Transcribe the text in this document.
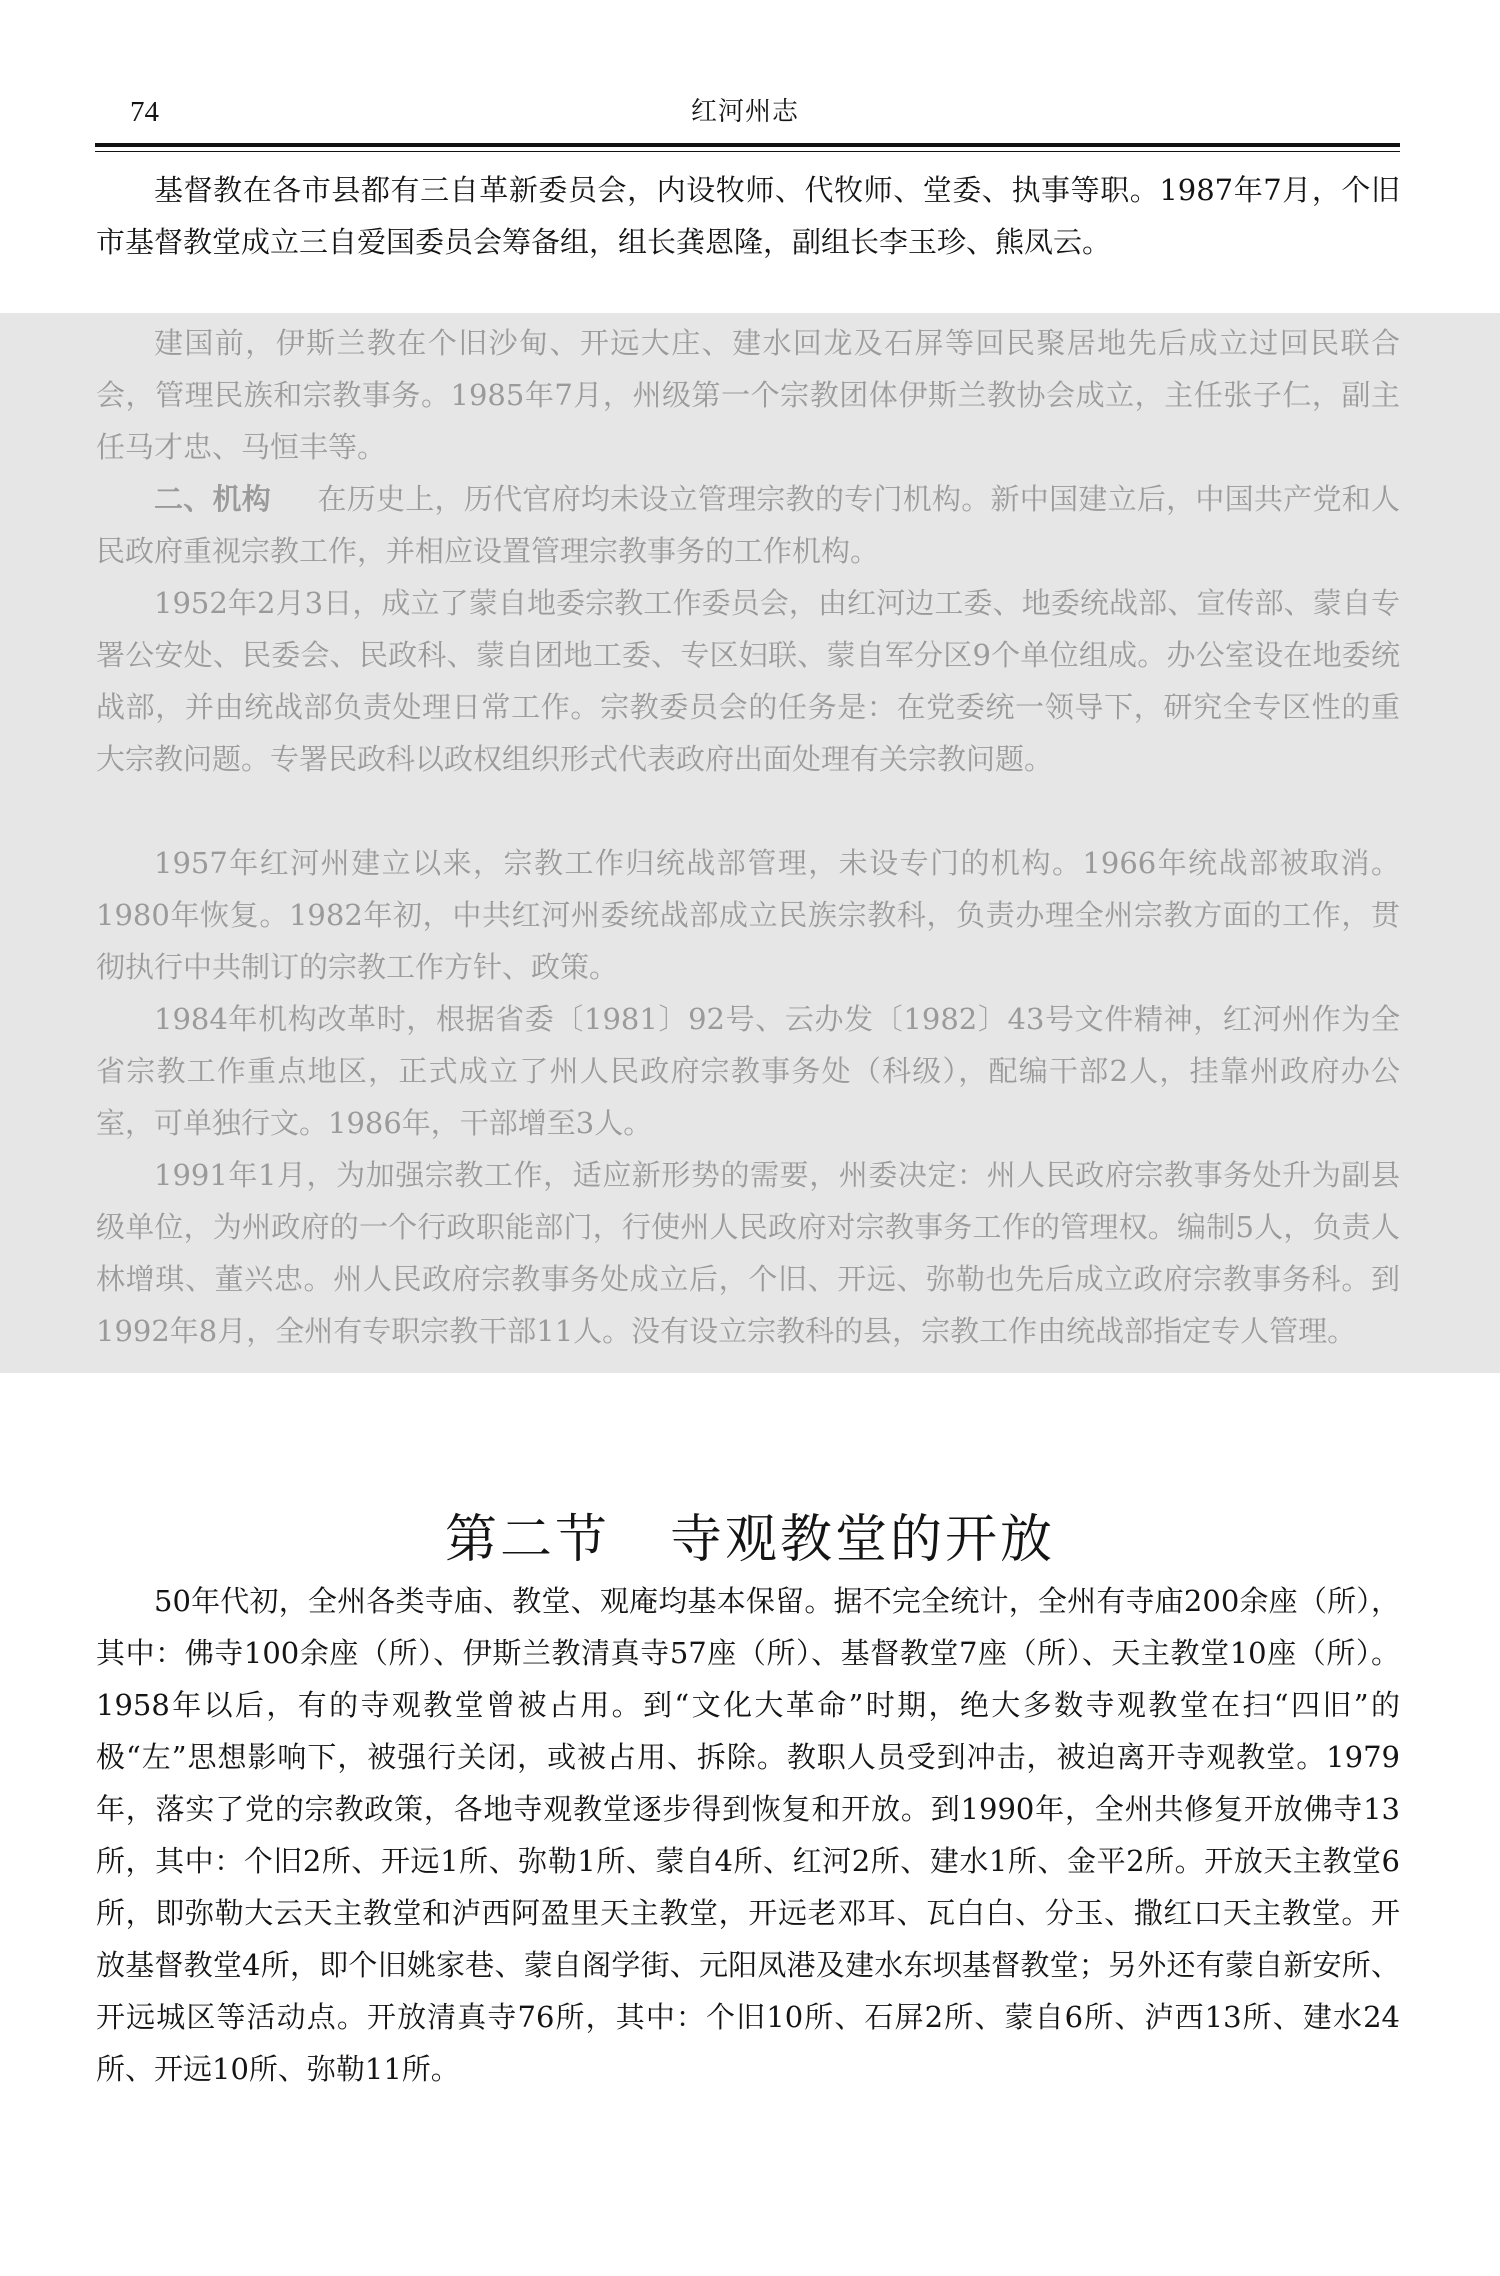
74	红河州志

基督教在各市县都有三自革新委员会，内设牧师、代牧师、堂委、执事等职。1987年7月，个旧市基督教堂成立三自爱国委员会筹备组，组长龚恩隆，副组长李玉珍、熊凤云。

建国前，伊斯兰教在个旧沙甸、开远大庄、建水回龙及石屏等回民聚居地先后成立过回民联合会，管理民族和宗教事务。1985年7月，州级第一个宗教团体伊斯兰教协会成立，主任张子仁，副主任马才忠、马恒丰等。

二、机构 在历史上，历代官府均未设立管理宗教的专门机构。新中国建立后，中国共产党和人民政府重视宗教工作，并相应设置管理宗教事务的工作机构。

1952年2月3日，成立了蒙自地委宗教工作委员会，由红河边工委、地委统战部、宣传部、蒙自专署公安处、民委会、民政科、蒙自团地工委、专区妇联、蒙自军分区9个单位组成。办公室设在地委统战部，并由统战部负责处理日常工作。宗教委员会的任务是：在党委统一领导下，研究全专区性的重大宗教问题。专署民政科以政权组织形式代表政府出面处理有关宗教问题。

1957年红河州建立以来，宗教工作归统战部管理，未设专门的机构。1966年统战部被取消。1980年恢复。1982年初，中共红河州委统战部成立民族宗教科，负责办理全州宗教方面的工作，贯彻执行中共制订的宗教工作方针、政策。

1984年机构改革时，根据省委〔1981〕92号、云办发〔1982〕43号文件精神，红河州作为全省宗教工作重点地区，正式成立了州人民政府宗教事务处（科级），配编干部2人，挂靠州政府办公室，可单独行文。1986年，干部增至3人。

1991年1月，为加强宗教工作，适应新形势的需要，州委决定：州人民政府宗教事务处升为副县级单位，为州政府的一个行政职能部门，行使州人民政府对宗教事务工作的管理权。编制5人，负责人林增琪、董兴忠。州人民政府宗教事务处成立后，个旧、开远、弥勒也先后成立政府宗教事务科。到1992年8月，全州有专职宗教干部11人。没有设立宗教科的县，宗教工作由统战部指定专人管理。

第二节 寺观教堂的开放

50年代初，全州各类寺庙、教堂、观庵均基本保留。据不完全统计，全州有寺庙200余座（所），其中：佛寺100余座（所）、伊斯兰教清真寺57座（所）、基督教堂7座（所）、天主教堂10座（所）。1958年以后，有的寺观教堂曾被占用。到“文化大革命”时期，绝大多数寺观教堂在扫“四旧”的极“左”思想影响下，被强行关闭，或被占用、拆除。教职人员受到冲击，被迫离开寺观教堂。1979年，落实了党的宗教政策，各地寺观教堂逐步得到恢复和开放。到1990年，全州共修复开放佛寺13所，其中：个旧2所、开远1所、弥勒1所、蒙自4所、红河2所、建水1所、金平2所。开放天主教堂6所，即弥勒大云天主教堂和泸西阿盈里天主教堂，开远老邓耳、瓦白白、分玉、撒红口天主教堂。开放基督教堂4所，即个旧姚家巷、蒙自阁学街、元阳凤港及建水东坝基督教堂；另外还有蒙自新安所、开远城区等活动点。开放清真寺76所，其中：个旧10所、石屏2所、蒙自6所、泸西13所、建水24所、开远10所、弥勒11所。
